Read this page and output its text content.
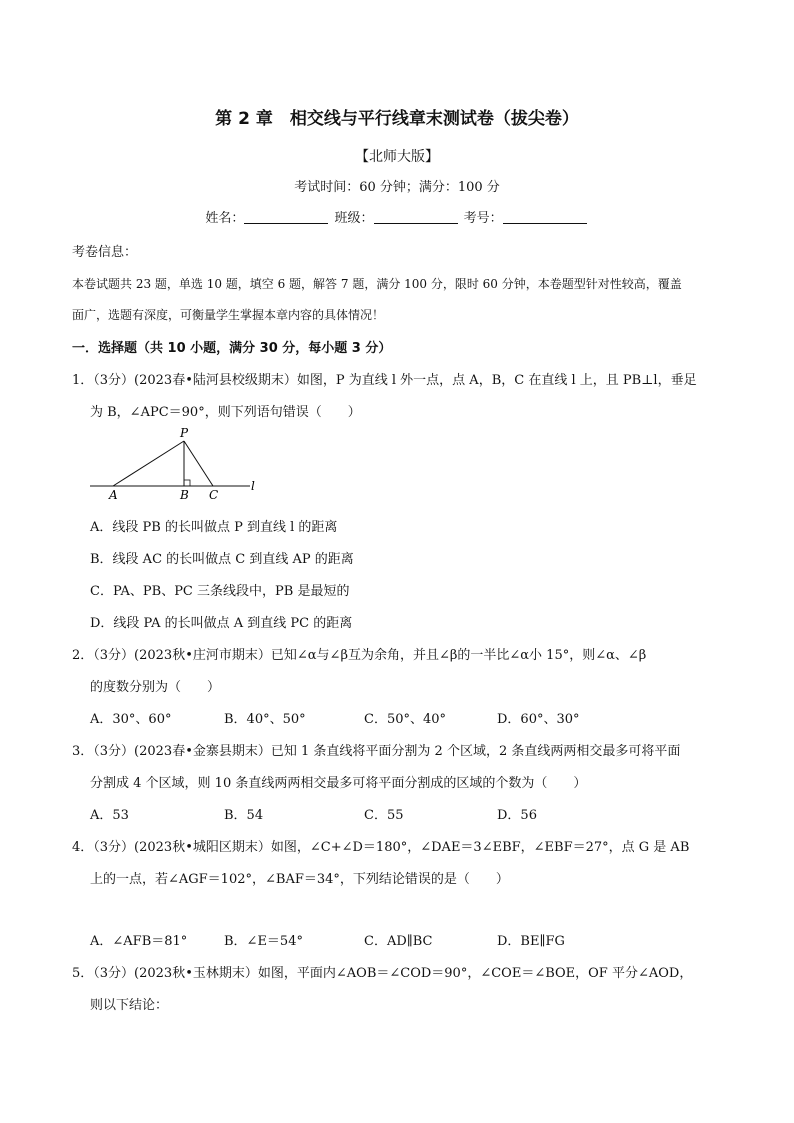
第 2 章　相交线与平行线章末测试卷（拔尖卷）
【北师大版】
考试时间：60 分钟；满分：100 分
姓名：	班级：	考号：
考卷信息：
本卷试题共 23 题，单选 10 题，填空 6 题，解答 7 题，满分 100 分，限时 60 分钟，本卷题型针对性较高，覆盖
面广，选题有深度，可衡量学生掌握本章内容的具体情况！
一．选择题（共 10 小题，满分 30 分，每小题 3 分）
1．（3分）(2023春•陆河县校级期末）如图，P 为直线 l 外一点，点 A，B，C 在直线 l 上，且 PB⊥l，垂足
为 B，∠APC＝90°，则下列语句错误（　　）
P
A	B C
l
A．线段 PB 的长叫做点 P 到直线 l 的距离
B．线段 AC 的长叫做点 C 到直线 AP 的距离
C．PA、PB、PC 三条线段中，PB 是最短的
D．线段 PA 的长叫做点 A 到直线 PC 的距离
2．（3分）(2023秋•庄河市期末）已知∠α与∠β互为余角，并且∠β的一半比∠α小 15°，则∠α、∠β
的度数分别为（　　）
A．30°、60°	B．40°、50°	C．50°、40°	D．60°、30°
3．（3分）(2023春•金寨县期末）已知 1 条直线将平面分割为 2 个区域，2 条直线两两相交最多可将平面
分割成 4 个区域，则 10 条直线两两相交最多可将平面分割成的区域的个数为（　　）
A．53	B．54	C．55	D．56
4．（3分）(2023秋•城阳区期末）如图，∠C+∠D＝180°，∠DAE＝3∠EBF，∠EBF＝27°，点 G 是 AB
上的一点，若∠AGF＝102°，∠BAF＝34°，下列结论错误的是（　　）
A．∠AFB＝81°	B．∠E＝54°	C．AD∥BC	D．BE∥FG
5．（3分）(2023秋•玉林期末）如图，平面内∠AOB＝∠COD＝90°，∠COE＝∠BOE，OF 平分∠AOD，
则以下结论：
